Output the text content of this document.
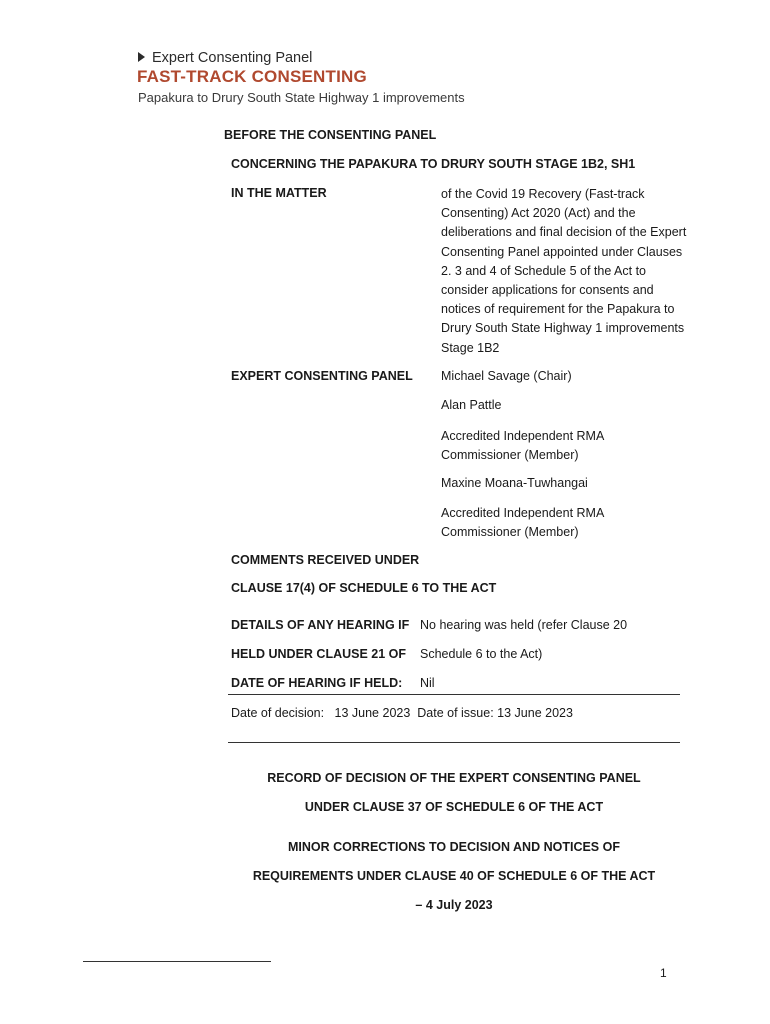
Expert Consenting Panel
FAST-TRACK CONSENTING
Papakura to Drury South State Highway 1 improvements
BEFORE THE CONSENTING PANEL
CONCERNING THE PAPAKURA TO DRURY SOUTH STAGE 1B2, SH1
IN THE MATTER	of the Covid 19 Recovery (Fast-track Consenting) Act 2020 (Act) and the deliberations and final decision of the Expert Consenting Panel appointed under Clauses 2. 3 and 4 of Schedule 5 of the Act to consider applications for consents and notices of requirement for the Papakura to Drury South State Highway 1 improvements Stage 1B2
EXPERT CONSENTING PANEL Michael Savage (Chair)
Alan Pattle
Accredited Independent RMA Commissioner (Member)
Maxine Moana-Tuwhangai
Accredited Independent RMA Commissioner (Member)
COMMENTS RECEIVED UNDER
CLAUSE 17(4) OF SCHEDULE 6 TO THE ACT
DETAILS OF ANY HEARING IF No hearing was held (refer Clause 20
HELD UNDER CLAUSE 21 OF Schedule 6 to the Act)
DATE OF HEARING IF HELD: Nil
Date of decision: 13 June 2023 Date of issue: 13 June 2023
RECORD OF DECISION OF THE EXPERT CONSENTING PANEL
UNDER CLAUSE 37 OF SCHEDULE 6 OF THE ACT
MINOR CORRECTIONS TO DECISION AND NOTICES OF
REQUIREMENTS UNDER CLAUSE 40 OF SCHEDULE 6 OF THE ACT
– 4 July 2023
1
